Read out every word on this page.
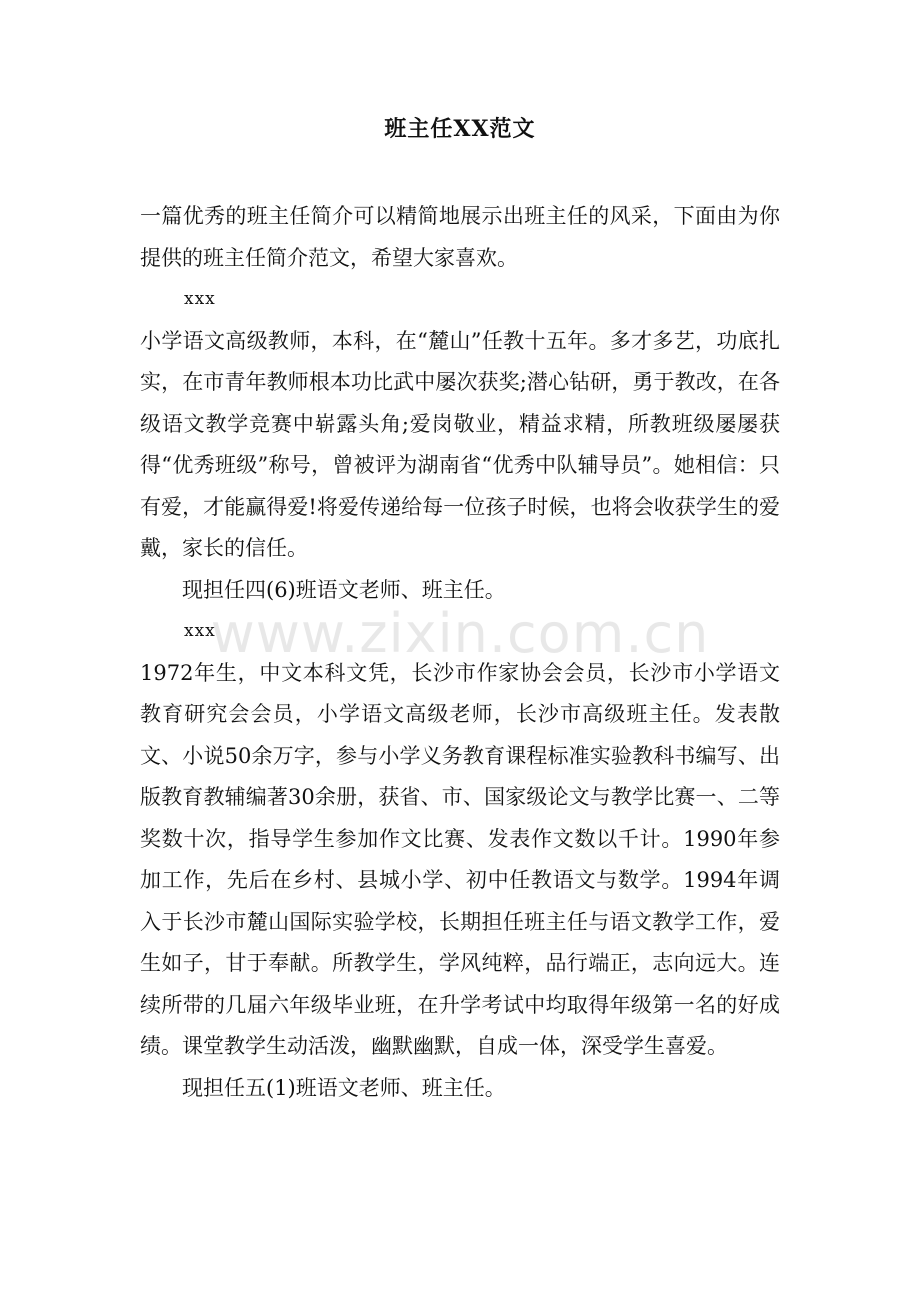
班主任XX范文

一篇优秀的班主任简介可以精简地展示出班主任的风采，下面由为你提供的班主任简介范文，希望大家喜欢。

xxx

小学语文高级教师，本科，在“麓山”任教十五年。多才多艺，功底扎实，在市青年教师根本功比武中屡次获奖;潜心钻研，勇于教改，在各级语文教学竞赛中崭露头角;爱岗敬业，精益求精，所教班级屡屡获得“优秀班级”称号，曾被评为湖南省“优秀中队辅导员”。她相信：只有爱，才能赢得爱!将爱传递给每一位孩子时候，也将会收获学生的爱戴，家长的信任。

现担任四(6)班语文老师、班主任。

xxx

1972年生，中文本科文凭，长沙市作家协会会员，长沙市小学语文教育研究会会员，小学语文高级老师，长沙市高级班主任。发表散文、小说50余万字，参与小学义务教育课程标准实验教科书编写、出版教育教辅编著30余册，获省、市、国家级论文与教学比赛一、二等奖数十次，指导学生参加作文比赛、发表作文数以千计。1990年参加工作，先后在乡村、县城小学、初中任教语文与数学。1994年调入于长沙市麓山国际实验学校，长期担任班主任与语文教学工作，爱生如子，甘于奉献。所教学生，学风纯粹，品行端正，志向远大。连续所带的几届六年级毕业班，在升学考试中均取得年级第一名的好成绩。课堂教学生动活泼，幽默幽默，自成一体，深受学生喜爱。

现担任五(1)班语文老师、班主任。

www.zixin.com.cn
